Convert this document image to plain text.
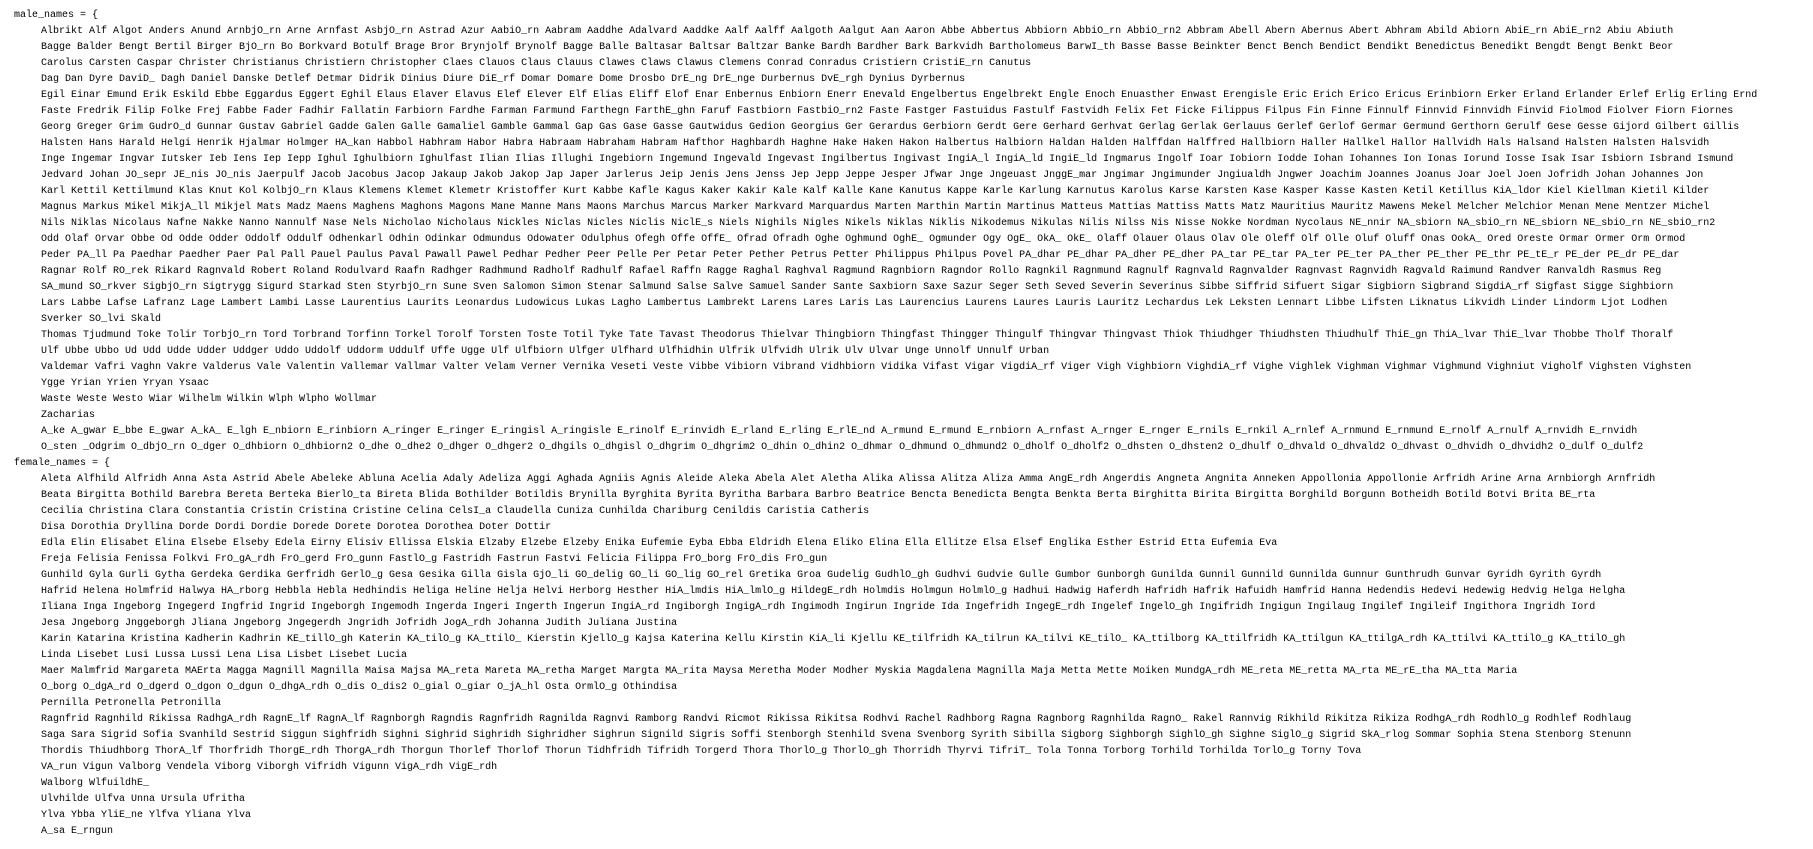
male_names = {
Albrikt Alf Algot Anders Anund ArnbjO_rn Arne Arnfast AsbjO_rn Astrad Azur AabiO_rn Aabram Aaddhe Adalvard Aaddke Aalf Aalff Aalgoth Aalgut Aan Aaron Abbe Abbertus Abbiorn AbbiO_rn AbbiO_rn2 Abbram Abell Abern Abernus Abert Abhram Abild Abiorn AbiE_rn AbiE_rn2 Abiu Abiuth
Bagge Balder Bengt Bertil Birger BjO_rn Bo Borkvard Botulf Brage Bror Brynjolf Brynolf Bagge Balle Baltasar Baltsar Baltzar Banke Bardh Bardher Bark Barkvidh Bartholomeus BarwI_th Basse Basse Beinkter Benct Bench Bendict Bendikt Benedictus Benedikt Bengdt Bengt Benkt Beor
Carolus Carsten Caspar Christer Christianus Christiern Christopher Claes Clauos Claus Clauus Clawes Claws Clawus Clemens Conrad Conradus Cristiern CristiE_rn Canutus
Dag Dan Dyre DaviD_ Dagh Daniel Danske Detlef Detmar Didrik Dinius Diure DiE_rf Domar Domare Dome Drosbo DrE_ng DrE_nge Durbernus DvE_rgh Dynius Dyrbernus
Egil Einar Emund Erik Eskild Ebbe Eggardus Eggert Eghil Elaus Elaver Elavus Elef Elever Elf Elias Eliff Elof Enar Enbernus Enbiorn Enerr Enevald Engelbertus Engelbrekt Engle Enoch Enuasther Enwast Erengisle Eric Erich Erico Ericus Erinbiorn Erker Erland Erlander Erlef Erlig Erling Ernd
Faste Fredrik Filip Folke Frej Fabbe Fader Fadhir Fallatin Farbiorn Fardhe Farman Farmund Farthegn FarthE_ghn Faruf Fastbiorn FastbiO_rn2 Faste Fastger Fastuidus Fastulf Fastvidh Felix Fet Ficke Filippus Filpus Fin Finne Finnulf Finnvid Finnvidh Finvid Fiolmod Fiolver Fiorn Fiornes
Georg Greger Grim GudrO_d Gunnar Gustav Gabriel Gadde Galen Galle Gamaliel Gamble Gammal Gap Gas Gase Gasse Gautwidus Gedion Georgius Ger Gerardus Gerbiorn Gerdt Gere Gerhard Gerhvat Gerlag Gerlak Gerlauus Gerlef Gerlof Germar Germund Gerthorn Gerulf Gese Gesse Gijord Gilbert Gillis
Halsten Hans Harald Helgi Henrik Hjalmar Holmger HA_kan Habbol Habhram Habor Habra Habraam Habraham Habram Hafthor Haghbardh Haghne Hake Haken Hakon Halbertus Halbiorn Haldan Halden Halffdan Halffred Hallbiorn Haller Hallkel Hallor Hallvidh Hals Halsand Halsten Halsten Halsvidh
Inge Ingemar Ingvar Iutsker Ieb Iens Iep Iepp Ighul Ighulbiorn Ighulfast Ilian Ilias Illughi Ingebiorn Ingemund Ingevald Ingevast Ingilbertus Ingivast IngiA_l IngiA_ld IngiE_ld Ingmarus Ingolf Ioar Iobiorn Iodde Iohan Iohannes Ion Ionas Iorund Iosse Isak Isar Isbiorn Isbrand Ismund
Jedvard Johan JO_sepr JE_nis JO_nis Jaerpulf Jacob Jacobus Jacop Jakaup Jakob Jakop Jap Japer Jarlerus Jeip Jenis Jens Jenss Jep Jepp Jeppe Jesper Jfwar Jnge Jngeuast JnggE_mar Jngimar Jngimunder Jngiualdh Jngwer Joachim Joannes Joanus Joar Joel Joen Jofridh Johan Johannes Jon
Karl Kettil Kettilmund Klas Knut Kol KolbjO_rn Klaus Klemens Klemet Klemetr Kristoffer Kurt Kabbe Kafle Kagus Kaker Kakir Kale Kalf Kalle Kane Kanutus Kappe Karle Karlung Karnutus Karolus Karse Karsten Kase Kasper Kasse Kasten Ketil Ketillus KiA_ldor Kiel Kiellman Kietil Kilder
Magnus Markus Mikel MikjA_ll Mikjel Mats Madz Maens Maghens Maghons Magons Mane Manne Mans Maons Marchus Marcus Marker Markvard Marquardus Marten Marthin Martin Martinus Matteus Mattias Mattiss Matts Matz Mauritius Mauritz Mawens Mekel Melcher Melchior Menan Mene Mentzer Michel
Nils Niklas Nicolaus Nafne Nakke Nanno Nannulf Nase Nels Nicholao Nicholaus Nickles Niclas Nicles Niclis NiclE_s Niels Nighils Nigles Nikels Niklas Niklis Nikodemus Nikulas Nilis Nilss Nis Nisse Nokke Nordman Nycolaus NE_nnir NA_sbiorn NA_sbiO_rn NE_sbiorn NE_sbiO_rn NE_sbiO_rn2
Odd Olaf Orvar Obbe Od Odde Odder Oddolf Oddulf Odhenkarl Odhin Odinkar Odmundus Odowater Odulphus Ofegh Offe OffE_ Ofrad Ofradh Oghe Oghmund OghE_ Ogmunder Ogy OgE_ OkA_ OkE_ Olaff Olauer Olaus Olav Ole Oleff Olf Olle Oluf Oluff Onas OokA_ Ored Oreste Ormar Ormer Orm Ormod
Peder PA_ll Pa Paedhar Paedher Paer Pal Pall Pauel Paulus Paval Pawall Pawel Pedhar Pedher Peer Pelle Per Petar Peter Pether Petrus Petter Philippus Philpus Povel PA_dhar PE_dhar PA_dher PE_dher PA_tar PE_tar PA_ter PE_ter PA_ther PE_ther PE_thr PE_tE_r PE_der PE_dr PE_dar
Ragnar Rolf RO_rek Rikard Ragnvald Robert Roland Rodulvard Raafn Radhger Radhmund Radholf Radhulf Rafael Raffn Ragge Raghal Raghval Ragmund Ragnbiorn Ragndor Rollo Ragnkil Ragnmund Ragnulf Ragnvald Ragnvalder Ragnvast Ragnvidh Ragvald Raimund Randver Ranvaldh Rasmus Reg
SA_mund SO_rkver SigbjO_rn Sigtrygg Sigurd Starkad Sten StyrbjO_rn Sune Sven Salomon Simon Stenar Salmund Salse Salve Samuel Sander Sante Saxbiorn Saxe Sazur Seger Seth Seved Severin Severinus Sibbe Siffrid Sifuert Sigar Sigbiorn Sigbrand SigdiA_rf Sigfast Sigge Sighbiorn
Lars Labbe Lafse Lafranz Lage Lambert Lambi Lasse Laurentius Laurits Leonardus Ludowicus Lukas Lagho Lambertus Lambrekt Larens Lares Laris Las Laurencius Laurens Laures Lauris Lauritz Lechardus Lek Leksten Lennart Libbe Lifsten Liknatus Likvidh Linder Lindorm Ljot Lodhen
Sverker SO_lvi Skald
Thomas Tjudmund Toke Tolir TorbjO_rn Tord Torbrand Torfinn Torkel Torolf Torsten Toste Totil Tyke Tate Tavast Theodorus Thielvar Thingbiorn Thingfast Thingger Thingulf Thingvar Thingvast Thiok Thiudhger Thiudhsten Thiudhulf ThiE_gn ThiA_lvar ThiE_lvar Thobbe Tholf Thoralf
Ulf Ubbe Ubbo Ud Udd Udde Udder Uddger Uddo Uddolf Uddorm Uddulf Uffe Ugge Ulf Ulfbiorn Ulfger Ulfhard Ulfhidhin Ulfrik Ulfvidh Ulrik Ulv Ulvar Unge Unnolf Unnulf Urban
Valdemar Vafri Vaghn Vakre Valderus Vale Valentin Vallemar Vallmar Valter Velam Verner Vernika Veseti Veste Vibbe Vibiorn Vibrand Vidhbiorn Vidika Vifast Vigar VigdiA_rf Viger Vigh Vighbiorn VighdiA_rf Vighe Vighlek Vighman Vighmar Vighmund Vighniut Vigholf Vighsten Vighsten
Ygge Yrian Yrien Yryan Ysaac
Waste Weste Westo Wiar Wilhelm Wilkin Wlph Wlpho Wollmar
Zacharias
A_ke A_gwar E_bbe E_gwar A_kA_ E_lgh E_nbiorn E_rinbiorn A_ringer E_ringer E_ringisl A_ringisle E_rinolf E_rinvidh E_rland E_rling E_rlE_nd A_rmund E_rmund E_rnbiorn A_rnfast A_rnger E_rnger E_rnils E_rnkil A_rnlef A_rnmund E_rnmund E_rnolf A_rnulf A_rnvidh E_rnvidh
O_sten _Odgrim O_dbjO_rn O_dger O_dhbiorn O_dhbiorn2 O_dhe O_dhe2 O_dhger O_dhger2 O_dhgils O_dhgisl O_dhgrim O_dhgrim2 O_dhin O_dhin2 O_dhmar O_dhmund O_dhmund2 O_dholf O_dholf2 O_dhsten O_dhsten2 O_dhulf O_dhvald O_dhvald2 O_dhvast O_dhvidh O_dhvidh2 O_dulf O_dulf2
female_names = {
Aleta Alfhild Alfridh Anna Asta Astrid Abele Abeleke Abluna Acelia Adaly Adeliza Aggi Aghada Agniis Agnis Aleide Aleka Abela Alet Aletha Alika Alissa Alitza Aliza Amma AngE_rdh Angerdis Angneta Angnita Anneken Appollonia Appollonie Arfridh Arine Arna Arnbiorgh Arnfridh
Beata Birgitta Bothild Barebra Bereta Berteka BierlO_ta Bireta Blida Bothilder Botildis Brynilla Byrghita Byrita Byritha Barbara Barbro Beatrice Bencta Benedicta Bengta Benkta Berta Birghitta Birita Birgitta Borghild Borgunn Botheidh Botild Botvi Brita BE_rta
Cecilia Christina Clara Constantia Cristin Cristina Cristine Celina CelsI_a Claudella Cuniza Cunhilda Chariburg Cenildis Caristia Catheris
Disa Dorothia Dryllina Dorde Dordi Dordie Dorede Dorete Dorotea Dorothea Doter Dottir
Edla Elin Elisabet Elina Elsebe Elseby Edela Eirny Elisiv Ellissa Elskia Elzaby Elzebe Elzeby Enika Eufemie Eyba Ebba Eldridh Elena Eliko Elina Ella Ellitze Elsa Elsef Englika Esther Estrid Etta Eufemia Eva
Freja Felisia Fenissa Folkvi FrO_gA_rdh FrO_gerd FrO_gunn FastlO_g Fastridh Fastrun Fastvi Felicia Filippa FrO_borg FrO_dis FrO_gun
Gunhild Gyla Gurli Gytha Gerdeka Gerdika Gerfridh GerlO_g Gesa Gesika Gilla Gisla GjO_li GO_delig GO_li GO_lig GO_rel Gretika Groa Gudelig GudhlO_gh Gudhvi Gudvie Gulle Gumbor Gunborgh Gunilda Gunnil Gunnild Gunnilda Gunnur Gunthrudh Gunvar Gyridh Gyrith Gyrdh
Hafrid Helena Holmfrid Halwya HA_rborg Hebbla Hebla Hedhindis Heliga Heline Helja Helvi Herborg Hesther HiA_lmdis HiA_lmlO_g HildegE_rdh Holmdis Holmgun HolmlO_g Hadhui Hadwig Haferdh Hafridh Hafrik Hafuidh Hamfrid Hanna Hedendis Hedevi Hedewig Hedvig Helga Helgha
Iliana Inga Ingeborg Ingegerd Ingfrid Ingrid Ingeborgh Ingemodh Ingerda Ingeri Ingerth Ingerun IngiA_rd Ingiborgh IngigA_rdh Ingimodh Ingirun Ingride Ida Ingefridh IngegE_rdh Ingelef IngelO_gh Ingifridh Ingigun Ingilaug Ingilef Ingileif Ingithora Ingridh Iord
Jesa Jngeborg Jnggeborgh Jliana Jngeborg Jngegerdh Jngridh Jofridh JogA_rdh Johanna Judith Juliana Justina
Karin Katarina Kristina Kadherin Kadhrin KE_tillO_gh Katerin KA_tilO_g KA_ttilO_ Kierstin KjellO_g Kajsa Katerina Kellu Kirstin KiA_li Kjellu KE_tilfridh KA_tilrun KA_tilvi KE_tilO_ KA_ttilborg KA_ttilfridh KA_ttilgun KA_ttilgA_rdh KA_ttilvi KA_ttilO_g KA_ttilO_gh
Linda Lisebet Lusi Lussa Lussi Lena Lisa Lisbet Lisebet Lucia
Maer Malmfrid Margareta MAErta Magga Magnill Magnilla Maisa Majsa MA_reta Mareta MA_retha Marget Margta MA_rita Maysa Meretha Moder Modher Myskia Magdalena Magnilla Maja Metta Mette Moiken MundgA_rdh ME_reta ME_retta MA_rta ME_rE_tha MA_tta Maria
O_borg O_dgA_rd O_dgerd O_dgon O_dgun O_dhgA_rdh O_dis O_dis2 O_gial O_giar O_jA_hl Osta OrmlO_g Othindisa
Pernilla Petronella Petronilla
Ragnfrid Ragnhild Rikissa RadhgA_rdh RagnE_lf RagnA_lf Ragnborgh Ragndis Ragnfridh Ragnilda Ragnvi Ramborg Randvi Ricmot Rikissa Rikitsa Rodhvi Rachel Radhborg Ragna Ragnborg Ragnhilda RagnO_ Rakel Rannvig Rikhild Rikitza Rikiza RodhgA_rdh RodhlO_g Rodhlef Rodhlaug
Saga Sara Sigrid Sofia Svanhild Sestrid Siggun Sighfridh Sighni Sighrid Sighridh Sighridher Sighrun Signild Sigris Soffi Stenborgh Stenhild Svena Svenborg Syrith Sibilla Sigborg Sighborgh SighlO_gh Sighne SiglO_g Sigrid SkA_rlog Sommar Sophia Stena Stenborg Stenunn
Thordis Thiudhborg ThorA_lf Thorfridh ThorgE_rdh ThorgA_rdh Thorgun Thorlef Thorlof Thorun Tidhfridh Tifridh Torgerd Thora ThorlO_g ThorlO_gh Thorridh Thyrvi TifriT_ Tola Tonna Torborg Torhild Torhilda TorlO_g Torny Tova
VA_run Vigun Valborg Vendela Viborg Viborgh Vifridh Vigunn VigA_rdh VigE_rdh
Walborg WlfuildhE_
Ulvhilde Ulfva Unna Ursula Ufritha
Ylva Ybba YliE_ne Ylfva Yliana Ylva
A_sa E_rngun
